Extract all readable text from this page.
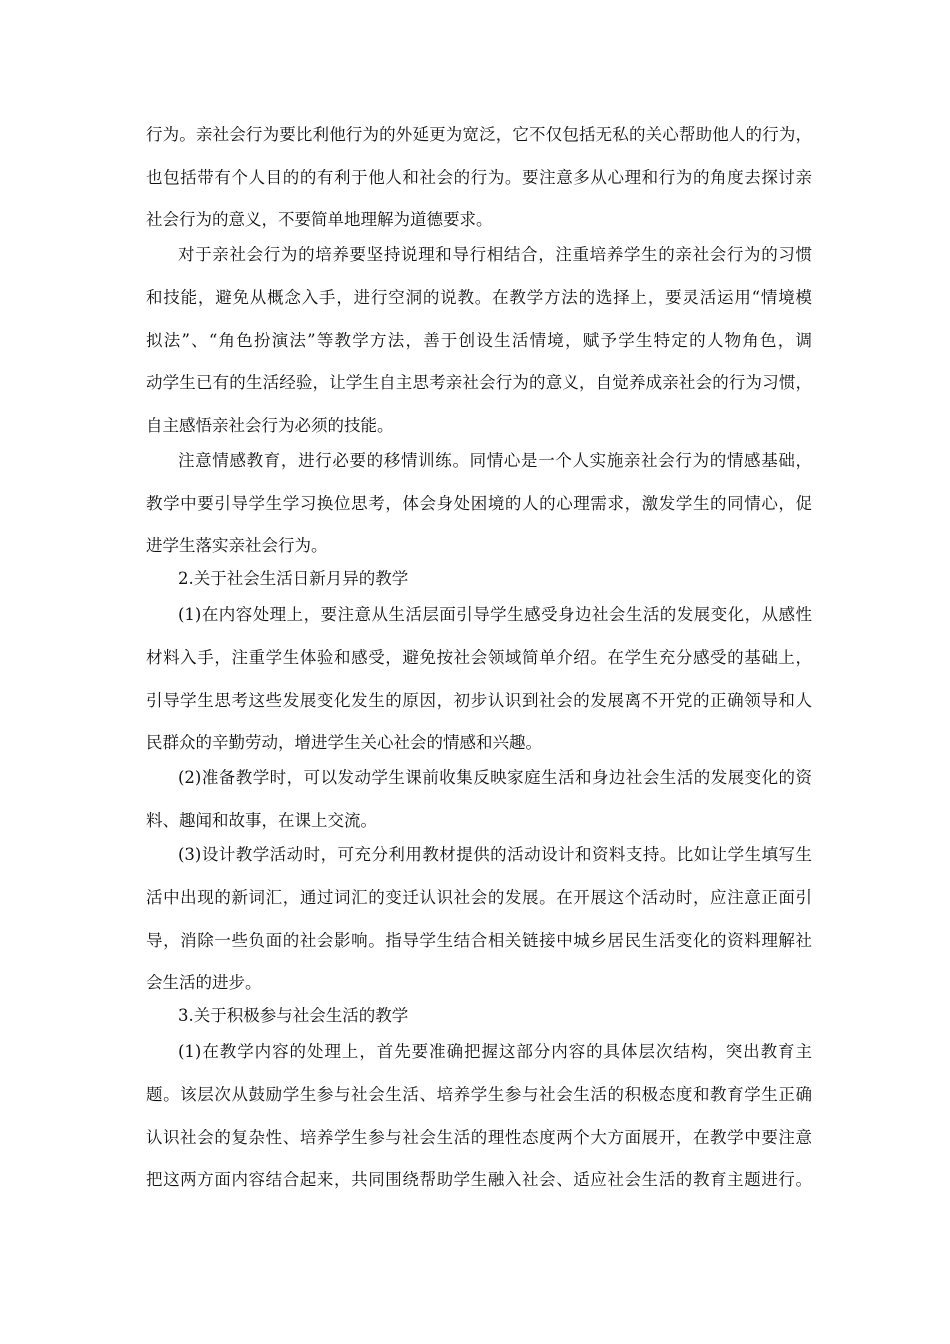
行为。亲社会行为要比利他行为的外延更为宽泛，它不仅包括无私的关心帮助他人的行为，
也包括带有个人目的的有利于他人和社会的行为。要注意多从心理和行为的角度去探讨亲
社会行为的意义，不要简单地理解为道德要求。
对于亲社会行为的培养要坚持说理和导行相结合，注重培养学生的亲社会行为的习惯
和技能，避免从概念入手，进行空洞的说教。在教学方法的选择上，要灵活运用“情境模
拟法”、“角色扮演法”等教学方法，善于创设生活情境，赋予学生特定的人物角色，调
动学生已有的生活经验，让学生自主思考亲社会行为的意义，自觉养成亲社会的行为习惯，
自主感悟亲社会行为必须的技能。
注意情感教育，进行必要的移情训练。同情心是一个人实施亲社会行为的情感基础，
教学中要引导学生学习换位思考，体会身处困境的人的心理需求，激发学生的同情心，促
进学生落实亲社会行为。
2.关于社会生活日新月异的教学
(1)在内容处理上，要注意从生活层面引导学生感受身边社会生活的发展变化，从感性
材料入手，注重学生体验和感受，避免按社会领域简单介绍。在学生充分感受的基础上，
引导学生思考这些发展变化发生的原因，初步认识到社会的发展离不开党的正确领导和人
民群众的辛勤劳动，增进学生关心社会的情感和兴趣。
(2)准备教学时，可以发动学生课前收集反映家庭生活和身边社会生活的发展变化的资
料、趣闻和故事，在课上交流。
(3)设计教学活动时，可充分利用教材提供的活动设计和资料支持。比如让学生填写生
活中出现的新词汇，通过词汇的变迁认识社会的发展。在开展这个活动时，应注意正面引
导，消除一些负面的社会影响。指导学生结合相关链接中城乡居民生活变化的资料理解社
会生活的进步。
3.关于积极参与社会生活的教学
(1)在教学内容的处理上，首先要准确把握这部分内容的具体层次结构，突出教育主
题。该层次从鼓励学生参与社会生活、培养学生参与社会生活的积极态度和教育学生正确
认识社会的复杂性、培养学生参与社会生活的理性态度两个大方面展开，在教学中要注意
把这两方面内容结合起来，共同围绕帮助学生融入社会、适应社会生活的教育主题进行。
